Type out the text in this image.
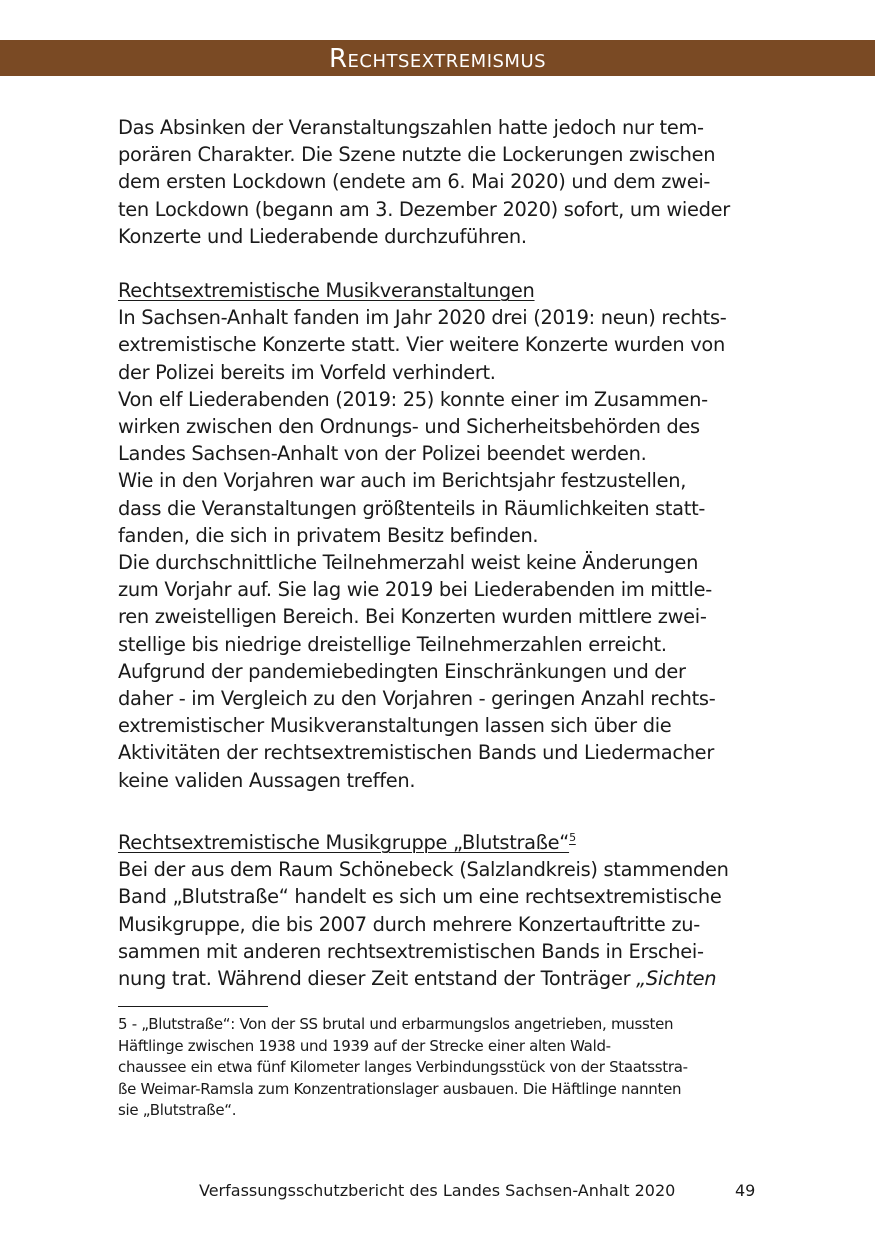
Rechtsextremismus
Das Absinken der Veranstaltungszahlen hatte jedoch nur tem-
porären Charakter. Die Szene nutzte die Lockerungen zwischen
dem ersten Lockdown (endete am 6. Mai 2020) und dem zwei-
ten Lockdown (begann am 3. Dezember 2020) sofort, um wieder
Konzerte und Liederabende durchzuführen.
Rechtsextremistische Musikveranstaltungen
In Sachsen-Anhalt fanden im Jahr 2020 drei (2019: neun) rechts-
extremistische Konzerte statt. Vier weitere Konzerte wurden von
der Polizei bereits im Vorfeld verhindert.
Von elf Liederabenden (2019: 25) konnte einer im Zusammen-
wirken zwischen den Ordnungs- und Sicherheitsbehörden des
Landes Sachsen-Anhalt von der Polizei beendet werden.
Wie in den Vorjahren war auch im Berichtsjahr festzustellen,
dass die Veranstaltungen größtenteils in Räumlichkeiten statt-
fanden, die sich in privatem Besitz befinden.
Die durchschnittliche Teilnehmerzahl weist keine Änderungen
zum Vorjahr auf. Sie lag wie 2019 bei Liederabenden im mittle-
ren zweistelligen Bereich. Bei Konzerten wurden mittlere zwei-
stellige bis niedrige dreistellige Teilnehmerzahlen erreicht.
Aufgrund der pandemiebedingten Einschränkungen und der
daher - im Vergleich zu den Vorjahren - geringen Anzahl rechts-
extremistischer Musikveranstaltungen lassen sich über die
Aktivitäten der rechtsextremistischen Bands und Liedermacher
keine validen Aussagen treffen.
Rechtsextremistische Musikgruppe „Blutstraße“$^5$
Bei der aus dem Raum Schönebeck (Salzlandkreis) stammenden
Band „Blutstraße“ handelt es sich um eine rechtsextremistische
Musikgruppe, die bis 2007 durch mehrere Konzertauftritte zu-
sammen mit anderen rechtsextremistischen Bands in Erschei-
nung trat. Während dieser Zeit entstand der Tonträger „Sichten
5 - „Blutstraße“: Von der SS brutal und erbarmungslos angetrieben, mussten
Häftlinge zwischen 1938 und 1939 auf der Strecke einer alten Wald-
chaussee ein etwa fünf Kilometer langes Verbindungsstück von der Staatsstra-
ße Weimar-Ramsla zum Konzentrationslager ausbauen. Die Häftlinge nannten
sie „Blutstraße“.
Verfassungsschutzbericht des Landes Sachsen-Anhalt 2020	49
